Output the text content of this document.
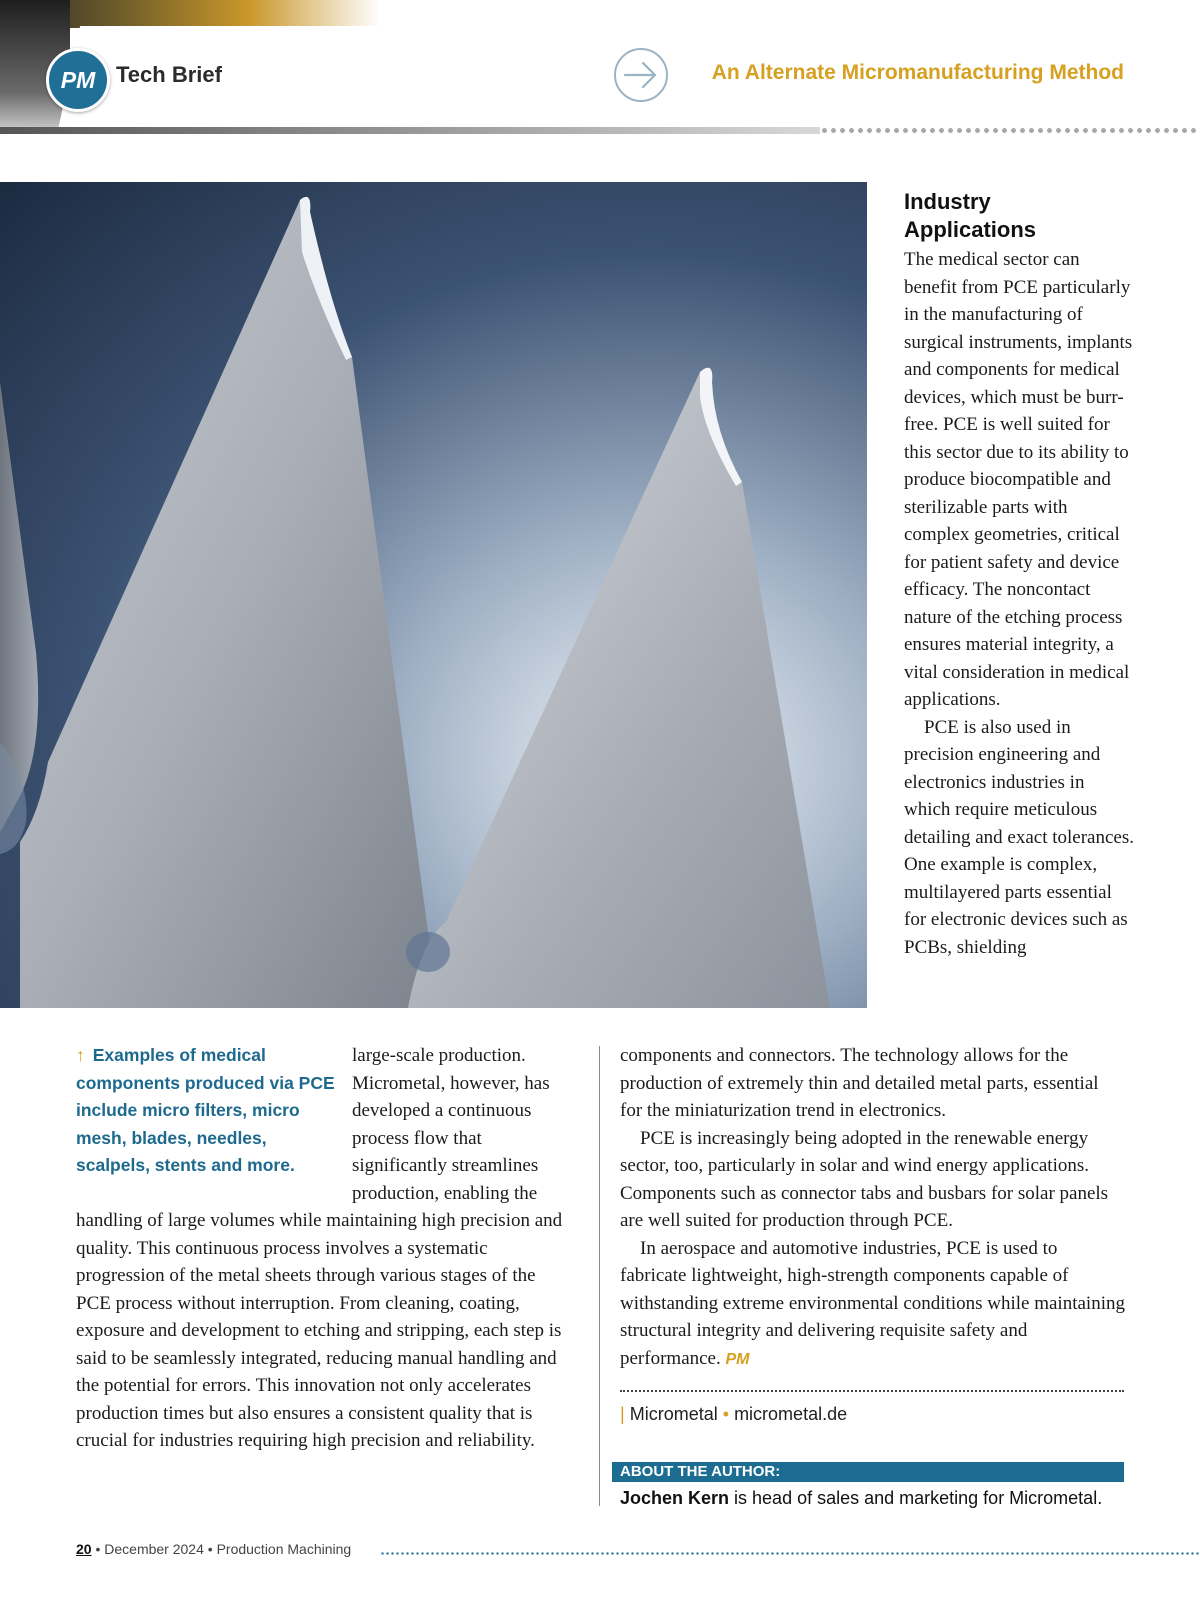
PM Tech Brief	An Alternate Micromanufacturing Method
Industry Applications

The medical sector can benefit from PCE particularly in the manufacturing of surgical instruments, implants and components for medical devices, which must be burr-free. PCE is well suited for this sector due to its ability to produce biocompatible and sterilizable parts with complex geometries, critical for patient safety and device efficacy. The noncontact nature of the etching process ensures material integrity, a vital consideration in medical applications.

PCE is also used in precision engineering and electronics industries in which require meticulous detailing and exact tolerances. One example is complex, multilayered parts essential for electronic devices such as PCBs, shielding

↑ Examples of medical components produced via PCE include micro filters, micro mesh, blades, needles, scalpels, stents and more.

large-scale production. Micrometal, however, has developed a continuous process flow that significantly streamlines production, enabling the handling of large volumes while maintaining high precision and quality. This continuous process involves a systematic progression of the metal sheets through various stages of the PCE process without interruption. From cleaning, coating, exposure and development to etching and stripping, each step is said to be seamlessly integrated, reducing manual handling and the potential for errors. This innovation not only accelerates production times but also ensures a consistent quality that is crucial for industries requiring high precision and reliability.

components and connectors. The technology allows for the production of extremely thin and detailed metal parts, essential for the miniaturization trend in electronics.

PCE is increasingly being adopted in the renewable energy sector, too, particularly in solar and wind energy applications. Components such as connector tabs and busbars for solar panels are well suited for production through PCE.

In aerospace and automotive industries, PCE is used to fabricate lightweight, high-strength components capable of withstanding extreme environmental conditions while maintaining structural integrity and delivering requisite safety and performance. PM

| Micrometal • micrometal.de
ABOUT THE AUTHOR:
Jochen Kern is head of sales and marketing for Micrometal.
20 • December 2024 • Production Machining
